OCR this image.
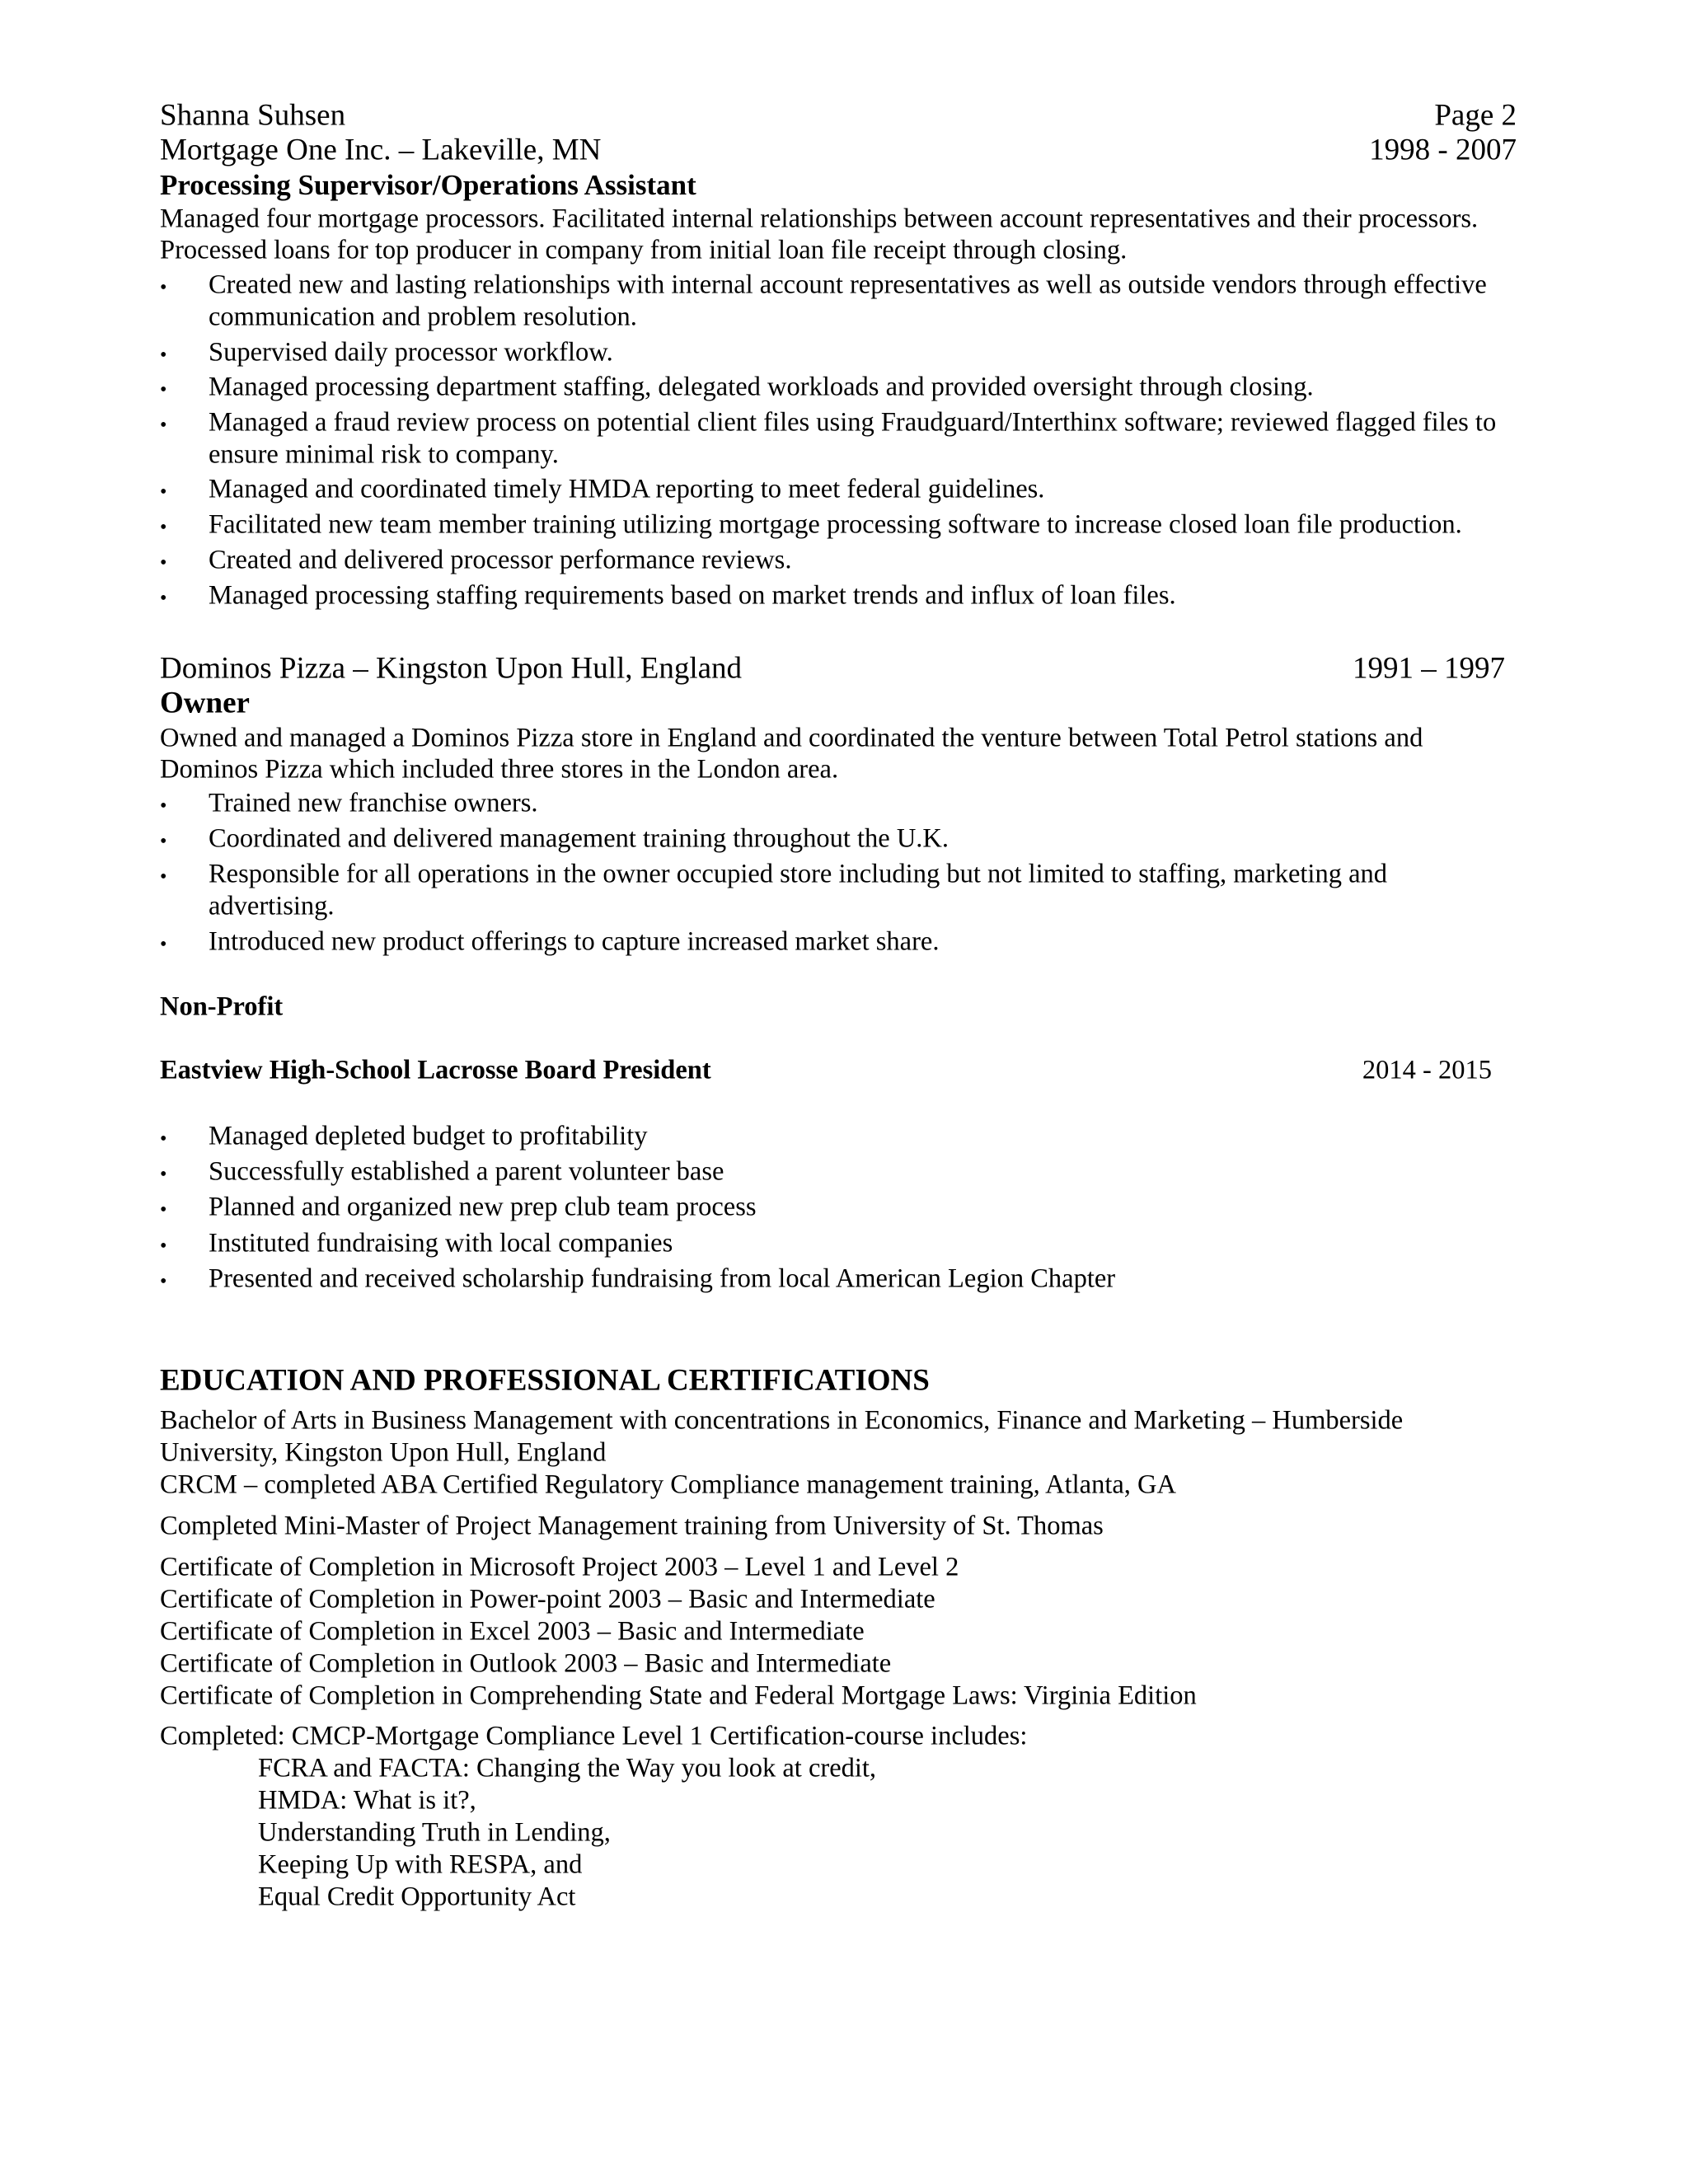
Shanna Suhsen	Page 2
Mortgage One Inc. – Lakeville, MN	1998 - 2007
Processing Supervisor/Operations Assistant
Managed four mortgage processors. Facilitated internal relationships between account representatives and their processors.
Processed loans for top producer in company from initial loan file receipt through closing.
• Created new and lasting relationships with internal account representatives as well as outside vendors through effective
communication and problem resolution.
• Supervised daily processor workflow.
• Managed processing department staffing, delegated workloads and provided oversight through closing.
• Managed a fraud review process on potential client files using Fraudguard/Interthinx software; reviewed flagged files to
ensure minimal risk to company.
• Managed and coordinated timely HMDA reporting to meet federal guidelines.
• Facilitated new team member training utilizing mortgage processing software to increase closed loan file production.
• Created and delivered processor performance reviews.
• Managed processing staffing requirements based on market trends and influx of loan files.
Dominos Pizza – Kingston Upon Hull, England	1991 – 1997
Owner
Owned and managed a Dominos Pizza store in England and coordinated the venture between Total Petrol stations and
Dominos Pizza which included three stores in the London area.
• Trained new franchise owners.
• Coordinated and delivered management training throughout the U.K.
• Responsible for all operations in the owner occupied store including but not limited to staffing, marketing and
advertising.
• Introduced new product offerings to capture increased market share.
Non-Profit
Eastview High-School Lacrosse Board President	2014 - 2015
• Managed depleted budget to profitability
• Successfully established a parent volunteer base
• Planned and organized new prep club team process
• Instituted fundraising with local companies
• Presented and received scholarship fundraising from local American Legion Chapter
EDUCATION AND PROFESSIONAL CERTIFICATIONS
Bachelor of Arts in Business Management with concentrations in Economics, Finance and Marketing – Humberside
University, Kingston Upon Hull, England
CRCM – completed ABA Certified Regulatory Compliance management training, Atlanta, GA
Completed Mini-Master of Project Management training from University of St. Thomas
Certificate of Completion in Microsoft Project 2003 – Level 1 and Level 2
Certificate of Completion in Power-point 2003 – Basic and Intermediate
Certificate of Completion in Excel 2003 – Basic and Intermediate
Certificate of Completion in Outlook 2003 – Basic and Intermediate
Certificate of Completion in Comprehending State and Federal Mortgage Laws: Virginia Edition
Completed: CMCP-Mortgage Compliance Level 1 Certification-course includes:
FCRA and FACTA: Changing the Way you look at credit,
HMDA: What is it?,
Understanding Truth in Lending,
Keeping Up with RESPA, and
Equal Credit Opportunity Act
